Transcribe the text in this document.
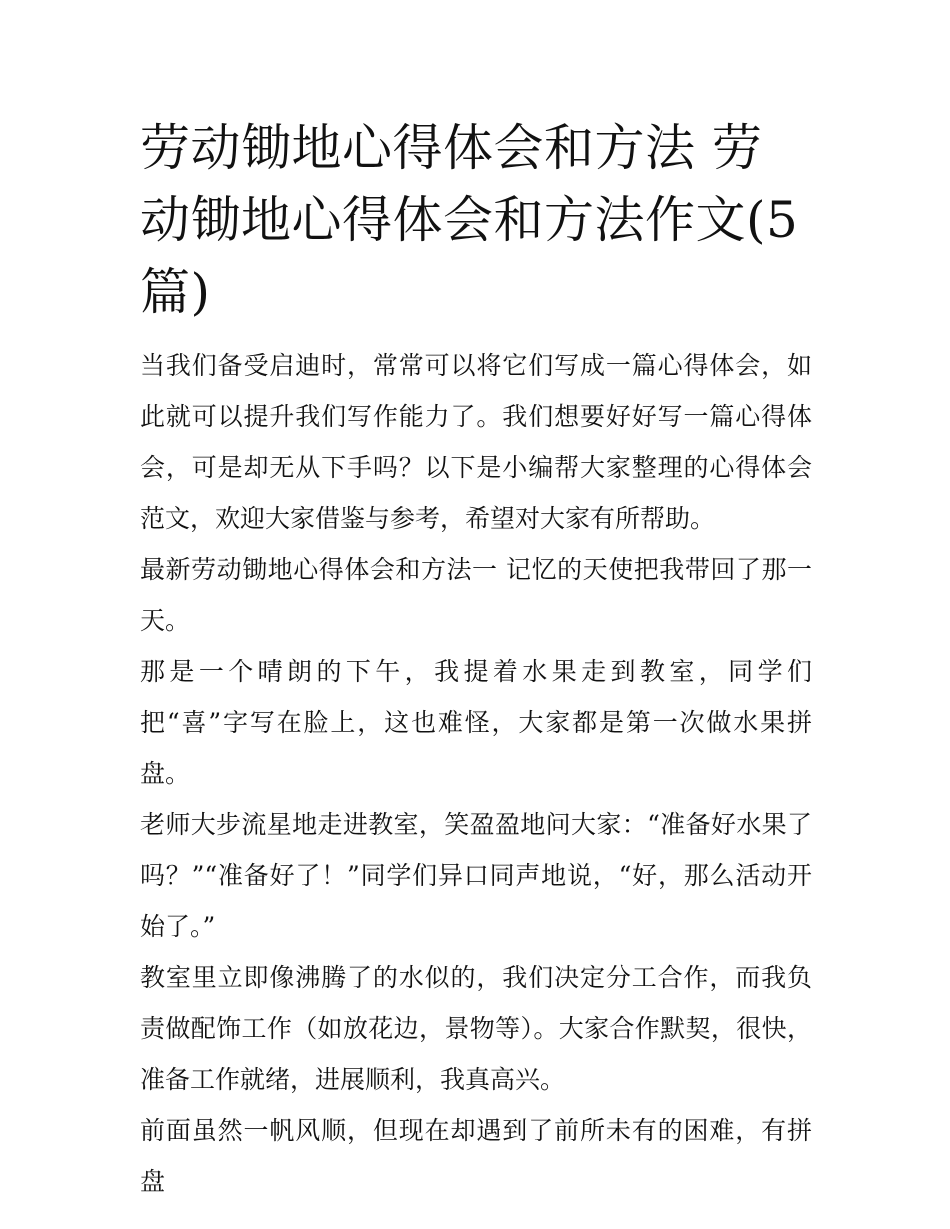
劳动锄地心得体会和方法 劳动锄地心得体会和方法作文(5篇)

当我们备受启迪时，常常可以将它们写成一篇心得体会，如此就可以提升我们写作能力了。我们想要好好写一篇心得体会，可是却无从下手吗？以下是小编帮大家整理的心得体会范文，欢迎大家借鉴与参考，希望对大家有所帮助。

最新劳动锄地心得体会和方法一 记忆的天使把我带回了那一天。

那是一个晴朗的下午，我提着水果走到教室，同学们把“喜”字写在脸上，这也难怪，大家都是第一次做水果拼盘。

老师大步流星地走进教室，笑盈盈地问大家：“准备好水果了吗？”“准备好了！”同学们异口同声地说，“好，那么活动开始了。”

教室里立即像沸腾了的水似的，我们决定分工合作，而我负责做配饰工作（如放花边，景物等）。大家合作默契，很快，准备工作就绪，进展顺利，我真高兴。

前面虽然一帆风顺，但现在却遇到了前所未有的困难，有拼盘
